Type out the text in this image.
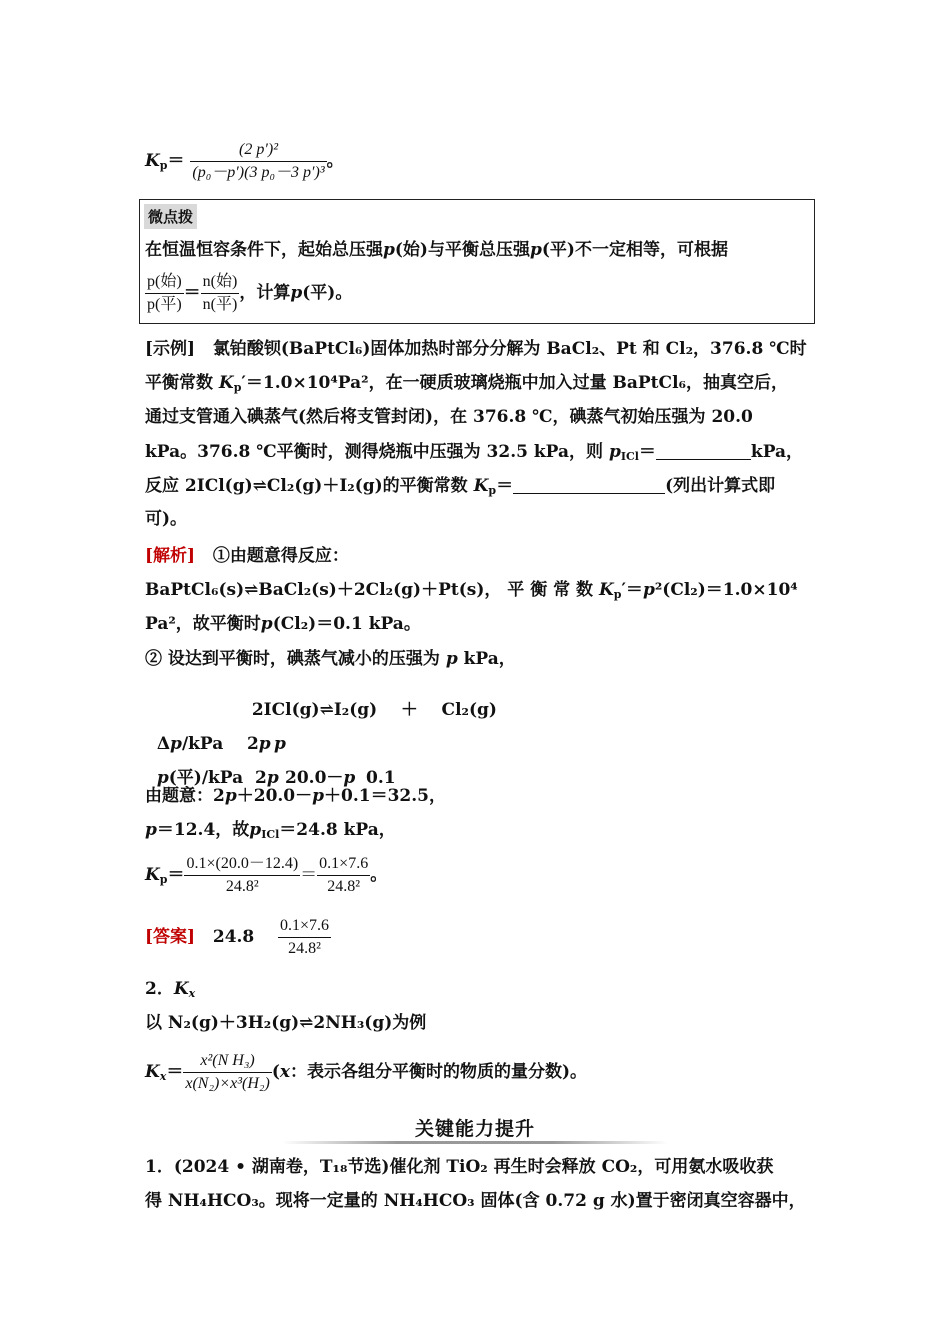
$K_p= \frac{\text{(2 p′)²}}{\text{(p₀－p′)(3 p₀－3 p′)³}}$ 。
微点拨
在恒温恒容条件下，起始总压强p(始)与平衡总压强p(平)不一定相等，可根据
$\frac{\text{p(始)}}{\text{p(平)}} = \frac{\text{n(始)}}{\text{n(平)}}$ ，计算p(平)。
[示例] 氯铂酸钡(BaPtCl₆)固体加热时部分分解为 BaCl₂、Pt 和 Cl₂，376.8 ℃时
平衡常数 $K_p'=1.0\times 10^4Pa^2$，在一硬质玻璃烧瓶中加入过量 BaPtCl₆，抽真空后，
通过支管通入碘蒸气(然后将支管封闭)，在 376.8 ℃，碘蒸气初始压强为 20.0
kPa。376.8 ℃平衡时，测得烧瓶中压强为 32.5 kPa，则 $p_{ICl}=$	kPa，
反应 2ICl(g)⇌Cl₂(g)＋I₂(g)的平衡常数 $K_p=$	(列出计算式即
可)。
[解析] ①由题意得反应：
BaPtCl₆(s)⇌BaCl₂(s)＋2Cl₂(g)＋Pt(s)， 平 衡 常 数 $K_p'=p^2(Cl_2)=1.0\times 10^4$
Pa²，故平衡时p(Cl₂)＝0.1 kPa。
② 设达到平衡时，碘蒸气减小的压强为 p kPa，

2ICl(g)⇌I₂(g)    ＋    Cl₂(g)

Δp/kPa    2p p

p(平)/kPa  2p 20.0－p 0.1

由题意：2p＋20.0－p＋0.1＝32.5，
p＝12.4，故$p_{ICl}=24.8$ kPa，
$K_p= \frac{0.1\times(20.0-12.4)}{\text{24.8²}} = \frac{0.1\times 7.6}{\text{24.8²}}$ 。
[答案] $24.8 \frac{0.1\times 7.6}{\text{24.8²}}$
2．$K_x$
以 N₂(g)＋3H₂(g)⇌2NH₃(g)为例
$K_x= \frac{\text{x²(N H₃)}}{\text{x(N₂)×x³(H₂)}} (x$：表示各组分平衡时的物质的量分数)。
关键能力提升
1．(2024 • 湖南卷，T₁₈节选)催化剂 TiO₂ 再生时会释放 CO₂，可用氨水吸收获
得 NH₄HCO₃。现将一定量的 NH₄HCO₃ 固体(含 0.72 g 水)置于密闭真空容器中，
